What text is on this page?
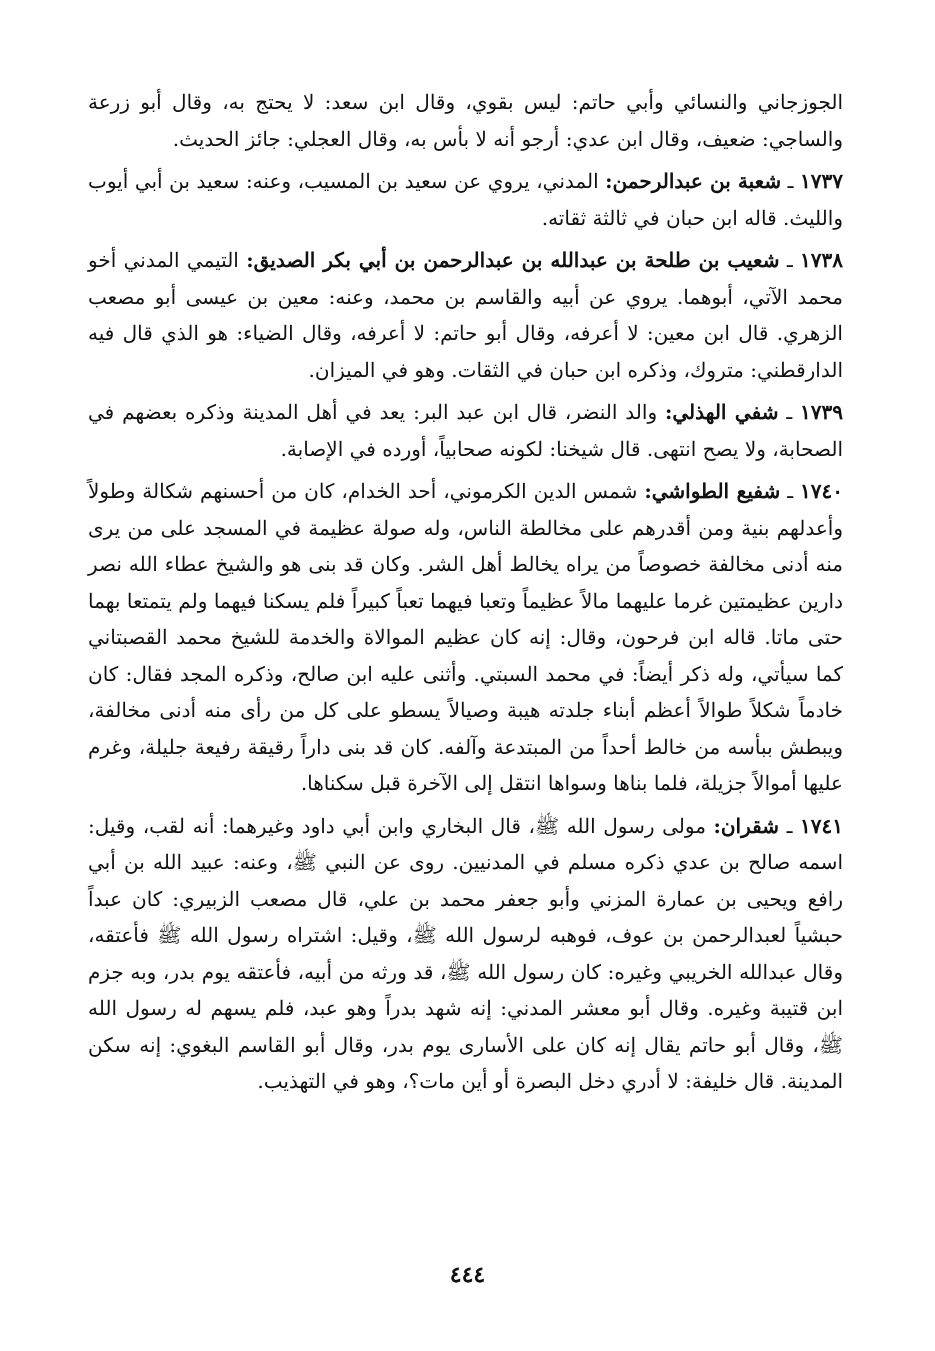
الجوزجاني والنسائي وأبي حاتم: ليس بقوي، وقال ابن سعد: لا يحتج به، وقال أبو زرعة والساجي: ضعيف، وقال ابن عدي: أرجو أنه لا بأس به، وقال العجلي: جائز الحديث.

١٧٣٧ ـ شعبة بن عبدالرحمن: المدني، يروي عن سعيد بن المسيب، وعنه: سعيد بن أبي أيوب والليث. قاله ابن حبان في ثالثة ثقاته.

١٧٣٨ ـ شعيب بن طلحة بن عبدالله بن عبدالرحمن بن أبي بكر الصديق: التيمي المدني أخو محمد الآتي، أبوهما. يروي عن أبيه والقاسم بن محمد، وعنه: معين بن عيسى أبو مصعب الزهري. قال ابن معين: لا أعرفه، وقال أبو حاتم: لا أعرفه، وقال الضياء: هو الذي قال فيه الدارقطني: متروك، وذكره ابن حبان في الثقات. وهو في الميزان.

١٧٣٩ ـ شفي الهذلي: والد النضر، قال ابن عبد البر: يعد في أهل المدينة وذكره بعضهم في الصحابة، ولا يصح انتهى. قال شيخنا: لكونه صحابياً، أورده في الإصابة.

١٧٤٠ ـ شفيع الطواشي: شمس الدين الكرموني، أحد الخدام، كان من أحسنهم شكالة وطولاً وأعدلهم بنية ومن أقدرهم على مخالطة الناس، وله صولة عظيمة في المسجد على من يرى منه أدنى مخالفة خصوصاً من يراه يخالط أهل الشر. وكان قد بنى هو والشيخ عطاء الله نصر دارين عظيمتين غرما عليهما مالاً عظيماً وتعبا فيهما تعباً كبيراً فلم يسكنا فيهما ولم يتمتعا بهما حتى ماتا. قاله ابن فرحون، وقال: إنه كان عظيم الموالاة والخدمة للشيخ محمد القصبتاني كما سيأتي، وله ذكر أيضاً: في محمد السبتي. وأثنى عليه ابن صالح، وذكره المجد فقال: كان خادماً شكلاً طوالاً أعظم أبناء جلدته هيبة وصيالاً يسطو على كل من رأى منه أدنى مخالفة، ويبطش ببأسه من خالط أحداً من المبتدعة وآلفه. كان قد بنى داراً رقيقة رفيعة جليلة، وغرم عليها أموالاً جزيلة، فلما بناها وسواها انتقل إلى الآخرة قبل سكناها.

١٧٤١ ـ شقران: مولى رسول الله ﷺ، قال البخاري وابن أبي داود وغيرهما: أنه لقب، وقيل: اسمه صالح بن عدي ذكره مسلم في المدنيين. روى عن النبي ﷺ، وعنه: عبيد الله بن أبي رافع ويحيى بن عمارة المزني وأبو جعفر محمد بن علي، قال مصعب الزبيري: كان عبداً حبشياً لعبدالرحمن بن عوف، فوهبه لرسول الله ﷺ، وقيل: اشتراه رسول الله ﷺ فأعتقه، وقال عبدالله الخريبي وغيره: كان رسول الله ﷺ، قد ورثه من أبيه، فأعتقه يوم بدر، وبه جزم ابن قتيبة وغيره. وقال أبو معشر المدني: إنه شهد بدراً وهو عبد، فلم يسهم له رسول الله ﷺ، وقال أبو حاتم يقال إنه كان على الأسارى يوم بدر، وقال أبو القاسم البغوي: إنه سكن المدينة. قال خليفة: لا أدري دخل البصرة أو أين مات؟، وهو في التهذيب.

٤٤٤
